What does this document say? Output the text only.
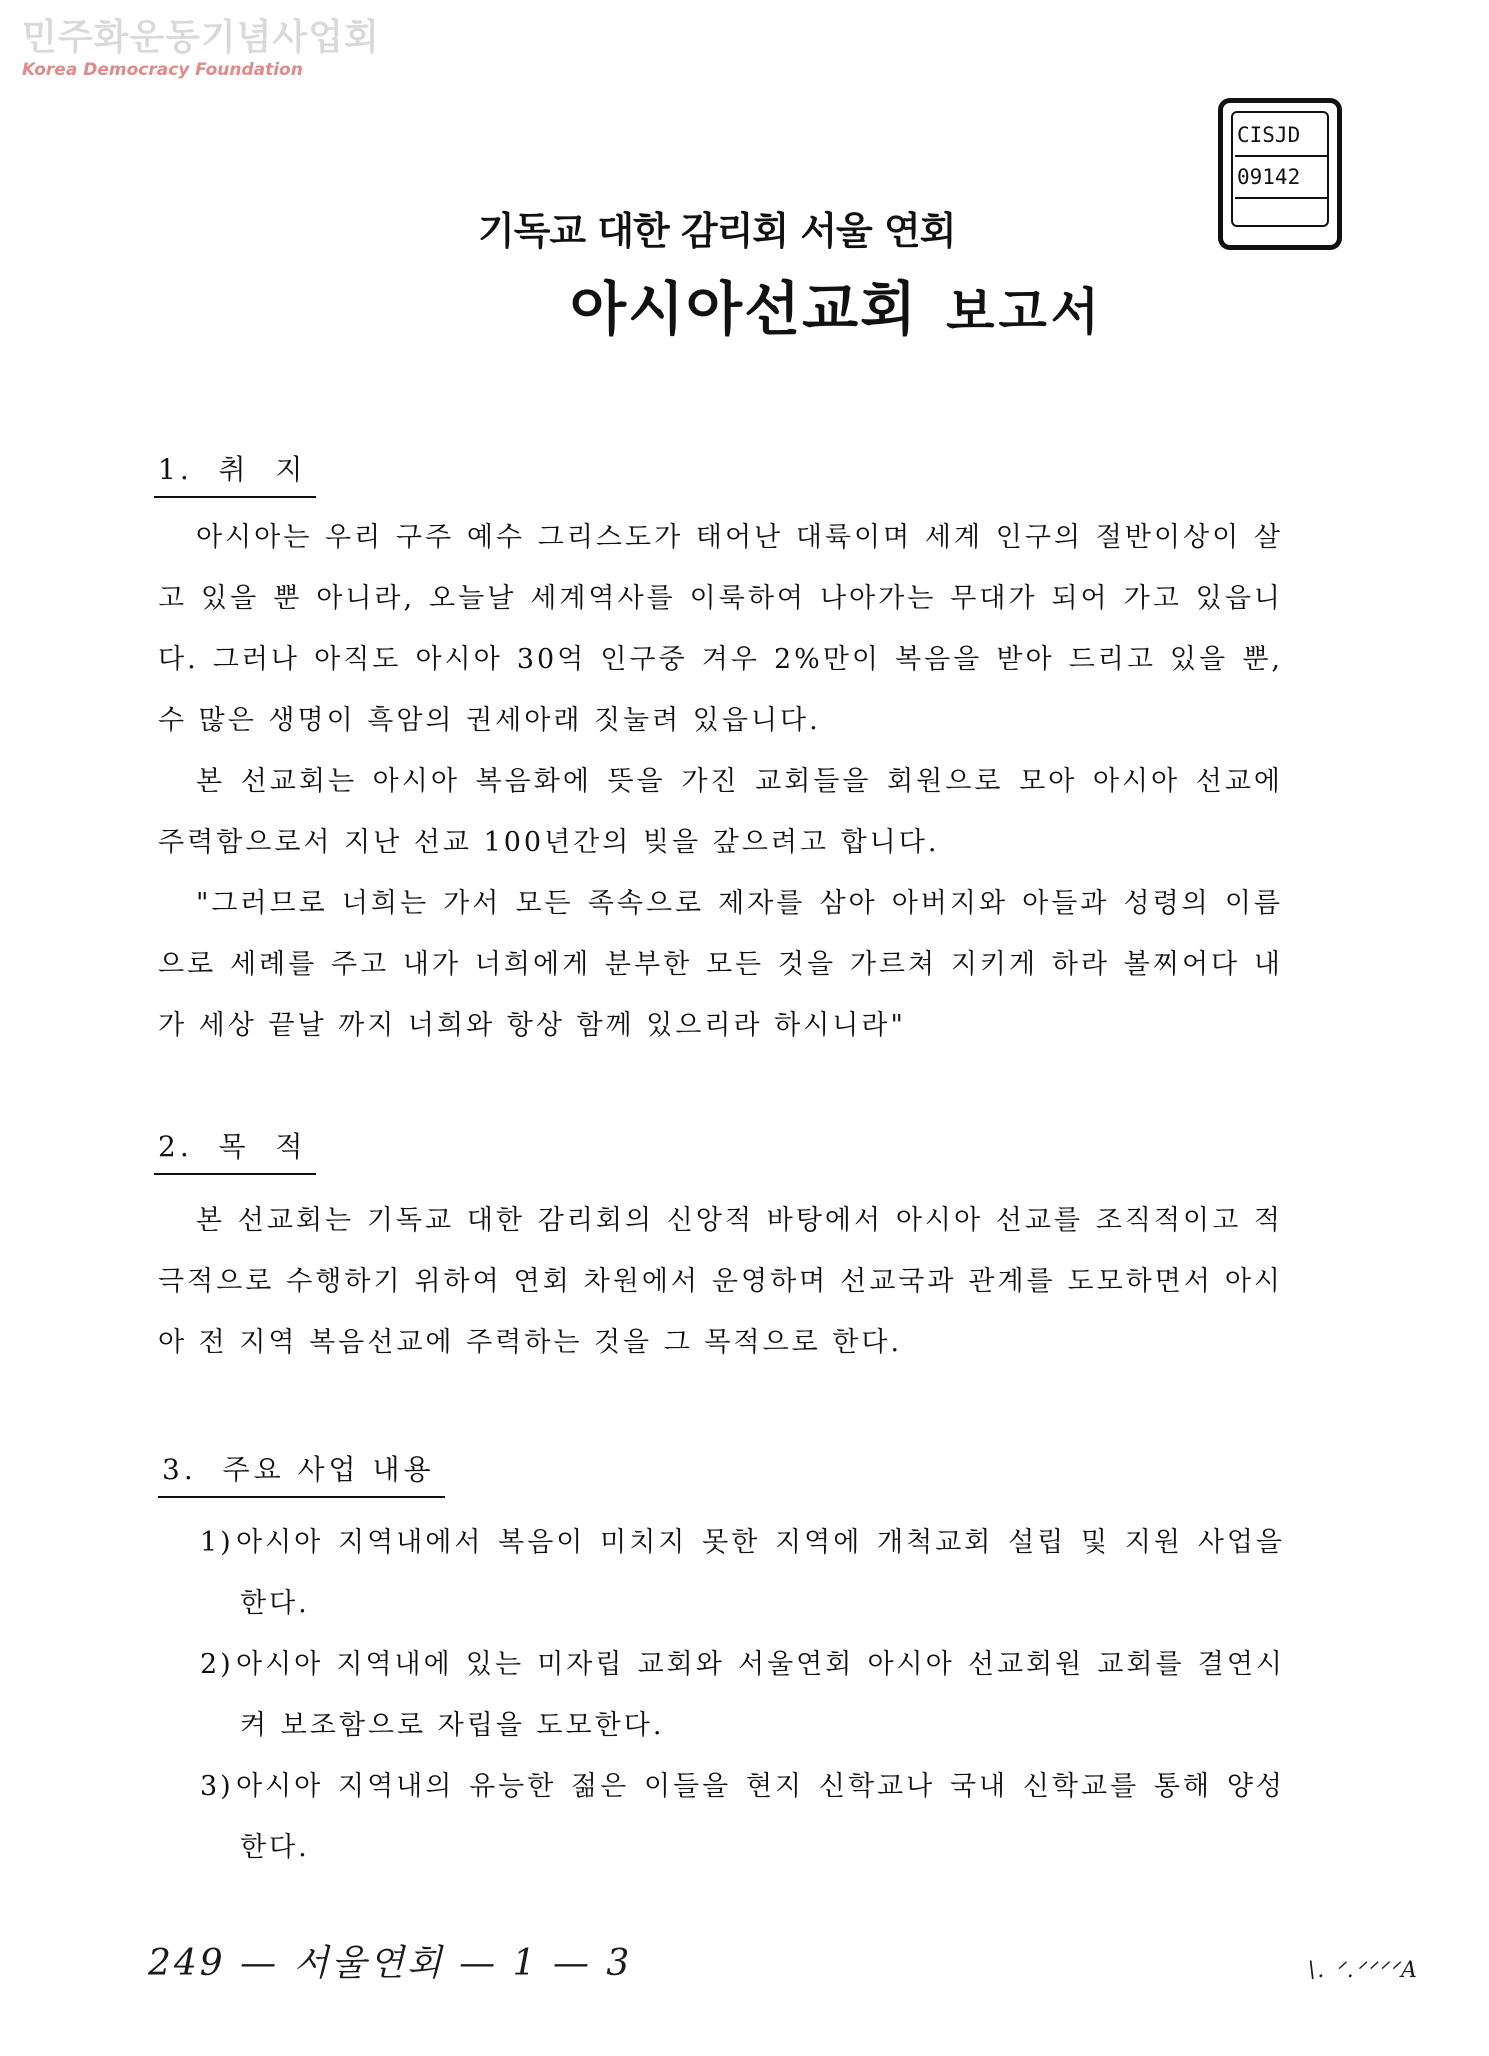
민주화운동기념사업회
Korea Democracy Foundation
CISJD
09142
기독교 대한 감리회 서울 연회
아시아선교회 보고서
1.  취  지

아시아는 우리 구주 예수 그리스도가 태어난 대륙이며 세계 인구의 절반이상이 살고 있을 뿐 아니라, 오늘날 세계역사를 이룩하여 나아가는 무대가 되어 가고 있읍니다. 그러나 아직도 아시아 30억 인구중 겨우 2%만이 복음을 받아 드리고 있을 뿐, 수 많은 생명이 흑암의 권세아래 짓눌려 있읍니다.

본 선교회는 아시아 복음화에 뜻을 가진 교회들을 회원으로 모아 아시아 선교에 주력함으로서 지난 선교 100년간의 빚을 갚으려고 합니다.

"그러므로 너희는 가서 모든 족속으로 제자를 삼아 아버지와 아들과 성령의 이름으로 세례를 주고 내가 너희에게 분부한 모든 것을 가르쳐 지키게 하라 볼찌어다 내가 세상 끝날 까지 너희와 항상 함께 있으리라 하시니라"

2.  목  적

본 선교회는 기독교 대한 감리회의 신앙적 바탕에서 아시아 선교를 조직적이고 적극적으로 수행하기 위하여 연회 차원에서 운영하며 선교국과 관계를 도모하면서 아시아 전 지역 복음선교에 주력하는 것을 그 목적으로 한다.

3.  주요 사업 내용
1)아시아 지역내에서 복음이 미치지 못한 지역에 개척교회 설립 및 지원 사업을 한다.
2)아시아 지역내에 있는 미자립 교회와 서울연회 아시아 선교회원 교회를 결연시켜 보조함으로 자립을 도모한다.
3)아시아 지역내의 유능한 젊은 이들을 현지 신학교나 국내 신학교를 통해 양성 한다.
249 — 서울연회 — 1 — 3	\. ᐟ.ᐟᐟᐟᐟA
